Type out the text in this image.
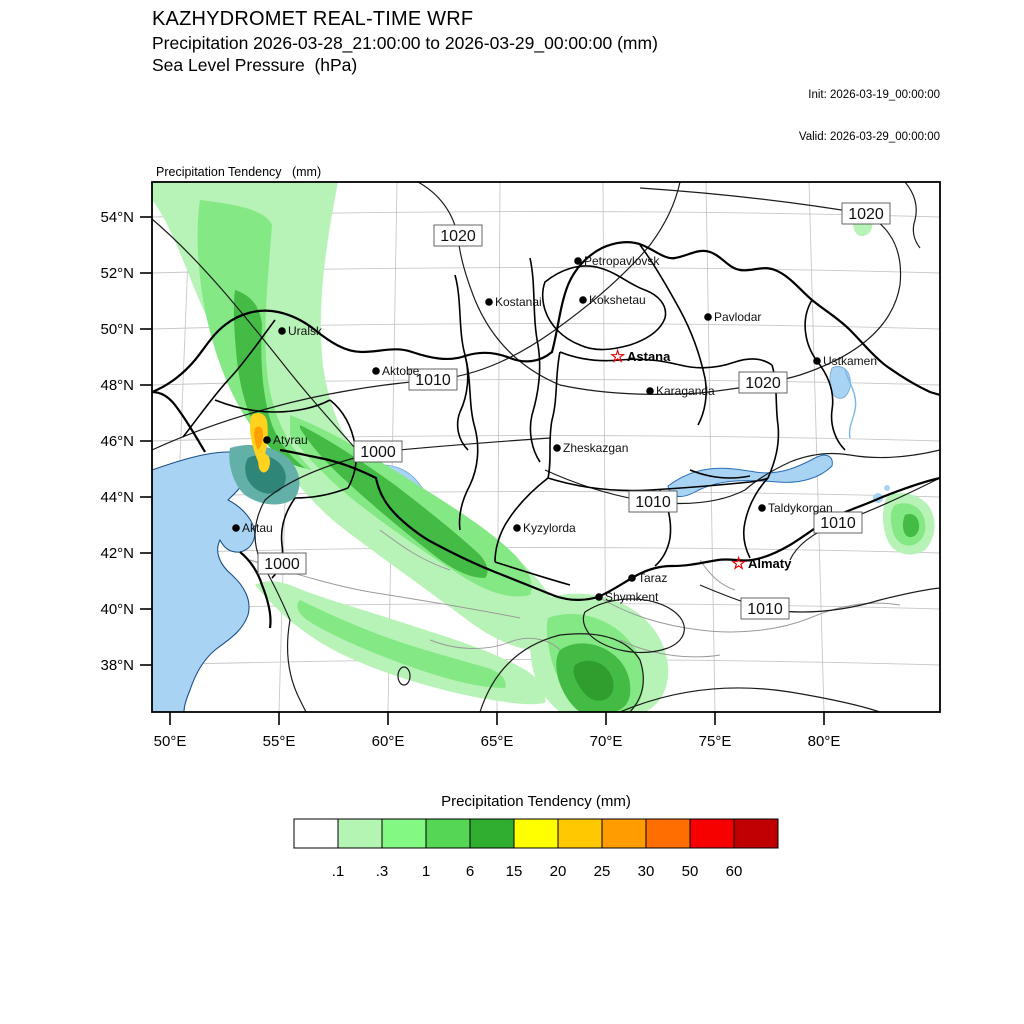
KAZHYDROMET REAL-TIME WRF
Precipitation 2026-03-28_21:00:00 to 2026-03-29_00:00:00 (mm)
Sea Level Pressure  (hPa)

Init: 2026-03-19_00:00:00

Valid: 2026-03-29_00:00:00

Precipitation Tendency   (mm)

1020
1020
1020
1010
1010
1010
1010
1000
1000
Petropavlovsk
Kokshetau
Kostanai
Pavlodar
Uralsk
Aktobe
Ustkamen
Karaganda
Zheskazgan
Atyrau
Kyzylorda
Aktau
Taldykorgan
Taraz
Shymkent
☆ Astana
☆ Almaty
54°N
52°N
50°N
48°N
46°N
44°N
42°N
40°N
38°N
50°E	55°E	60°E	65°E	70°E	75°E	80°E
Precipitation Tendency (mm)
.1 .3 1 6 15 20 25 30 50 60
